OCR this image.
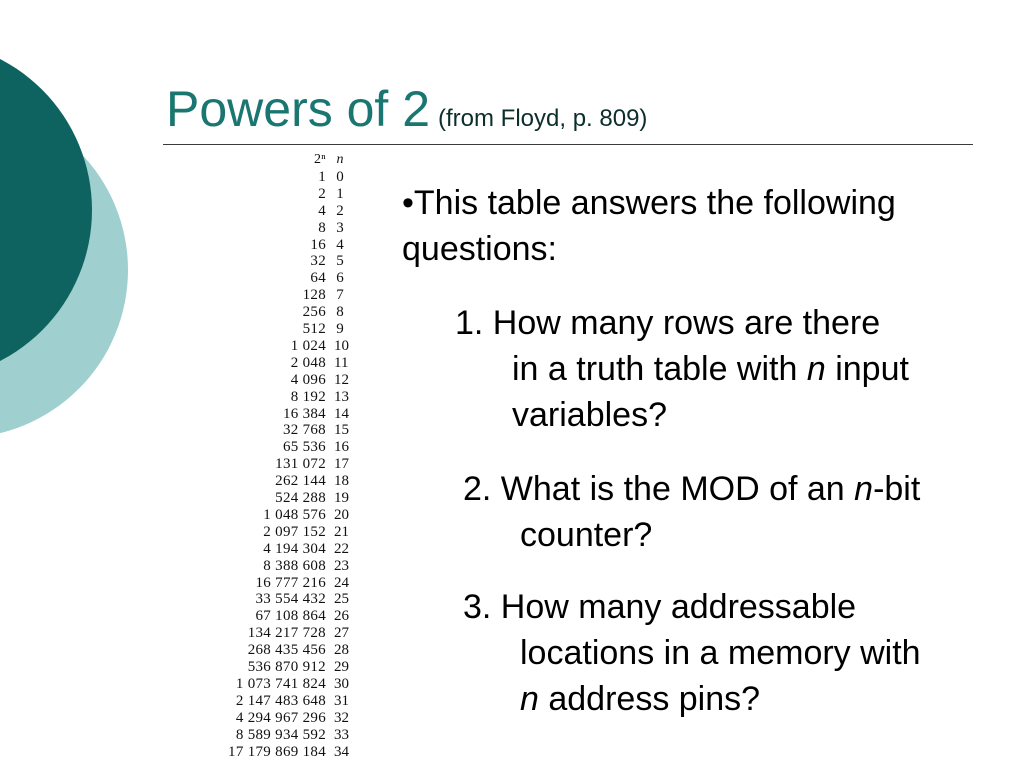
Powers of 2 (from Floyd, p. 809)
2ⁿ n
1 0
2 1
4 2
8 3
16 4
32 5
64 6
128 7
256 8
512 9
1 024 10
2 048 11
4 096 12
8 192 13
16 384 14
32 768 15
65 536 16
131 072 17
262 144 18
524 288 19
1 048 576 20
2 097 152 21
4 194 304 22
8 388 608 23
16 777 216 24
33 554 432 25
67 108 864 26
134 217 728 27
268 435 456 28
536 870 912 29
1 073 741 824 30
2 147 483 648 31
4 294 967 296 32
8 589 934 592 33
17 179 869 184 34
•This table answers the following questions:
1. How many rows are there
in a truth table with n input variables?
2. What is the MOD of an n-bit counter?
3. How many addressable
locations in a memory with
n address pins?
